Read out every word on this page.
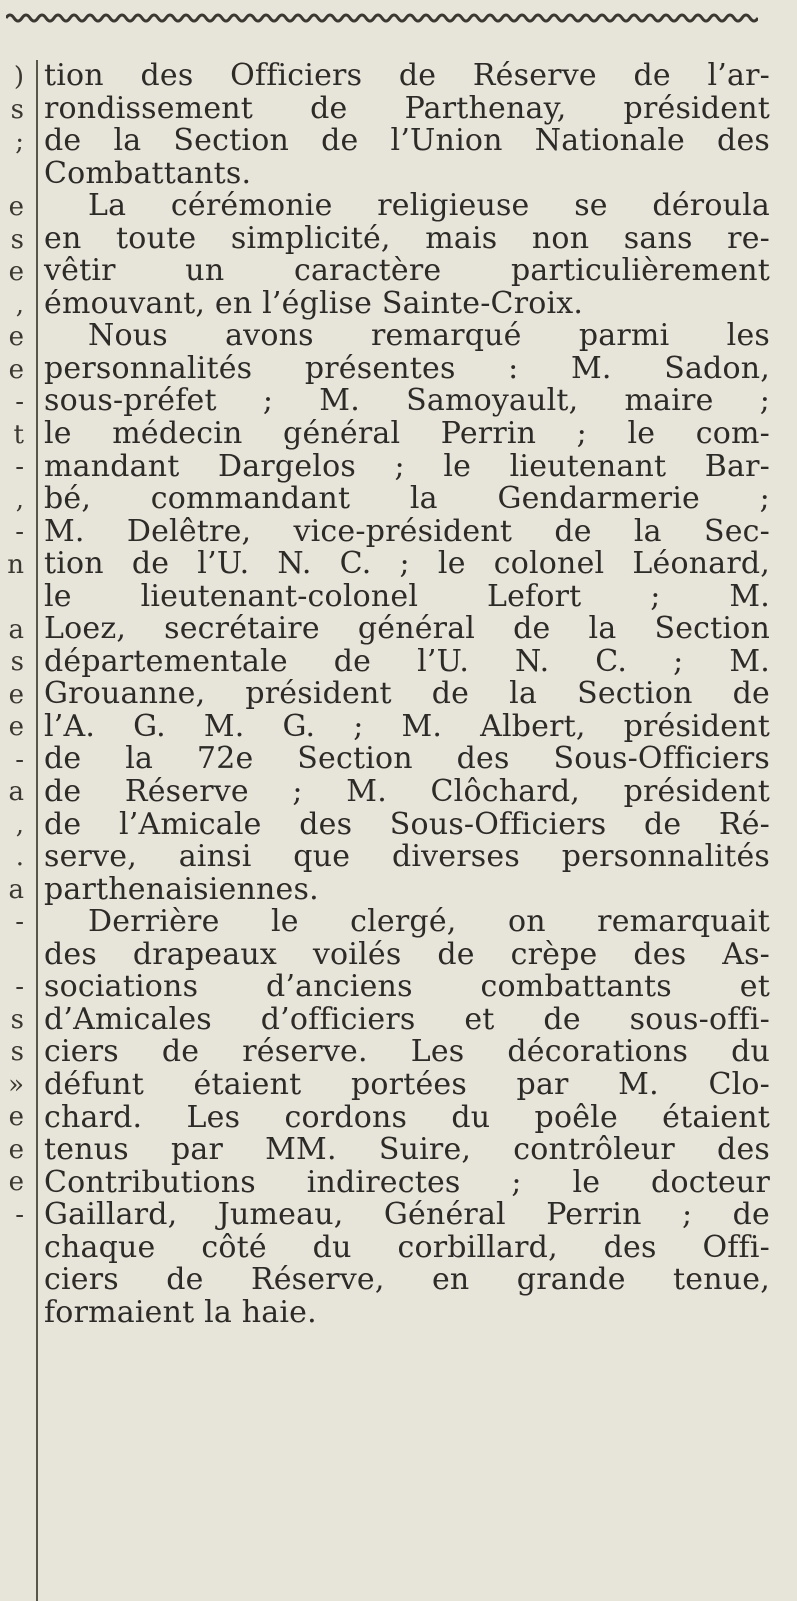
)
s
;
e
s
e
,
e
e
-
t
-
,
-
n
a
s
e
e
-
a
,
.
a
-
-
s
s
»
e
e
e
-
tion des Officiers de Réserve de l’ar-
rondissement de Parthenay, président
de la Section de l’Union Nationale des
Combattants.
La cérémonie religieuse se déroula
en toute simplicité, mais non sans re-
vêtir un caractère particulièrement
émouvant, en l’église Sainte-Croix.
Nous avons remarqué parmi les
personnalités présentes : M. Sadon,
sous-préfet ; M. Samoyault, maire ;
le médecin général Perrin ; le com-
mandant Dargelos ; le lieutenant Bar-
bé, commandant la Gendarmerie ;
M. Delêtre, vice-président de la Sec-
tion de l’U. N. C. ; le colonel Léonard,
le lieutenant-colonel Lefort ; M.
Loez, secrétaire général de la Section
départementale de l’U. N. C. ; M.
Grouanne, président de la Section de
l’A. G. M. G. ; M. Albert, président
de la 72e Section des Sous-Officiers
de Réserve ; M. Clôchard, président
de l’Amicale des Sous-Officiers de Ré-
serve, ainsi que diverses personnalités
parthenaisiennes.
Derrière le clergé, on remarquait
des drapeaux voilés de crèpe des As-
sociations d’anciens combattants et
d’Amicales d’officiers et de sous-offi-
ciers de réserve. Les décorations du
défunt étaient portées par M. Clo-
chard. Les cordons du poêle étaient
tenus par MM. Suire, contrôleur des
Contributions indirectes ; le docteur
Gaillard, Jumeau, Général Perrin ; de
chaque côté du corbillard, des Offi-
ciers de Réserve, en grande tenue,
formaient la haie.
